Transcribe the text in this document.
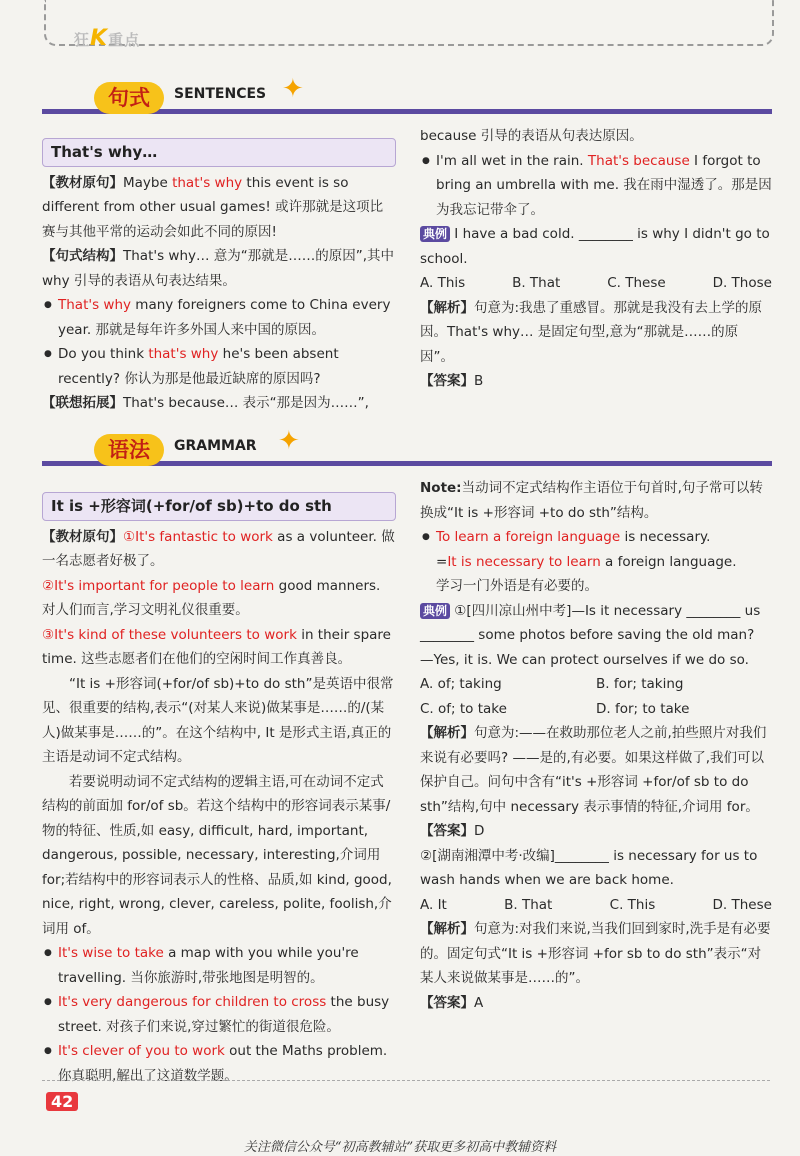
狂K重点
句式	SENTENCES ✦
That's why…

【教材原句】Maybe that's why this event is so different from other usual games! 或许那就是这项比赛与其他平常的运动会如此不同的原因!

【句式结构】That's why… 意为“那就是……的原因”,其中 why 引导的表语从句表达结果。

● That's why many foreigners come to China every year. 那就是每年许多外国人来中国的原因。

● Do you think that's why he's been absent recently? 你认为那是他最近缺席的原因吗?

【联想拓展】That's because… 表示“那是因为……”,

because 引导的表语从句表达原因。

● I'm all wet in the rain. That's because I forgot to bring an umbrella with me. 我在雨中湿透了。那是因为我忘记带伞了。

典例 I have a bad cold. ________ is why I didn't go to school.

A. This	B. That	C. These	D. Those

【解析】句意为:我患了重感冒。那就是我没有去上学的原因。That's why… 是固定句型,意为“那就是……的原因”。

【答案】B

语法	GRAMMAR ✦
It is +形容词(+for/of sb)+to do sth

【教材原句】①It's fantastic to work as a volunteer. 做一名志愿者好极了。

②It's important for people to learn good manners. 对人们而言,学习文明礼仪很重要。

③It's kind of these volunteers to work in their spare time. 这些志愿者们在他们的空闲时间工作真善良。

“It is +形容词(+for/of sb)+to do sth”是英语中很常见、很重要的结构,表示“(对某人来说)做某事是……的/(某人)做某事是……的”。在这个结构中, It 是形式主语,真正的主语是动词不定式结构。

若要说明动词不定式结构的逻辑主语,可在动词不定式结构的前面加 for/of sb。若这个结构中的形容词表示某事/物的特征、性质,如 easy, difficult, hard, important, dangerous, possible, necessary, interesting,介词用 for;若结构中的形容词表示人的性格、品质,如 kind, good, nice, right, wrong, clever, careless, polite, foolish,介词用 of。

● It's wise to take a map with you while you're travelling. 当你旅游时,带张地图是明智的。

● It's very dangerous for children to cross the busy street. 对孩子们来说,穿过繁忙的街道很危险。

● It's clever of you to work out the Maths problem. 你真聪明,解出了这道数学题。

Note:当动词不定式结构作主语位于句首时,句子常可以转换成“It is +形容词 +to do sth”结构。

● To learn a foreign language is necessary.

=It is necessary to learn a foreign language.

学习一门外语是有必要的。

典例 ①[四川凉山州中考]—Is it necessary ________ us ________ some photos before saving the old man?

—Yes, it is. We can protect ourselves if we do so.

A. of; taking	B. for; taking
C. of; to take	D. for; to take

【解析】句意为:——在救助那位老人之前,拍些照片对我们来说有必要吗? ——是的,有必要。如果这样做了,我们可以保护自己。问句中含有“it's +形容词 +for/of sb to do sth”结构,句中 necessary 表示事情的特征,介词用 for。

【答案】D

②[湖南湘潭中考·改编]________ is necessary for us to wash hands when we are back home.

A. It	B. That	C. This	D. These

【解析】句意为:对我们来说,当我们回到家时,洗手是有必要的。固定句式“It is +形容词 +for sb to do sth”表示“对某人来说做某事是……的”。

【答案】A

42
关注微信公众号“初高教辅站”获取更多初高中教辅资料
